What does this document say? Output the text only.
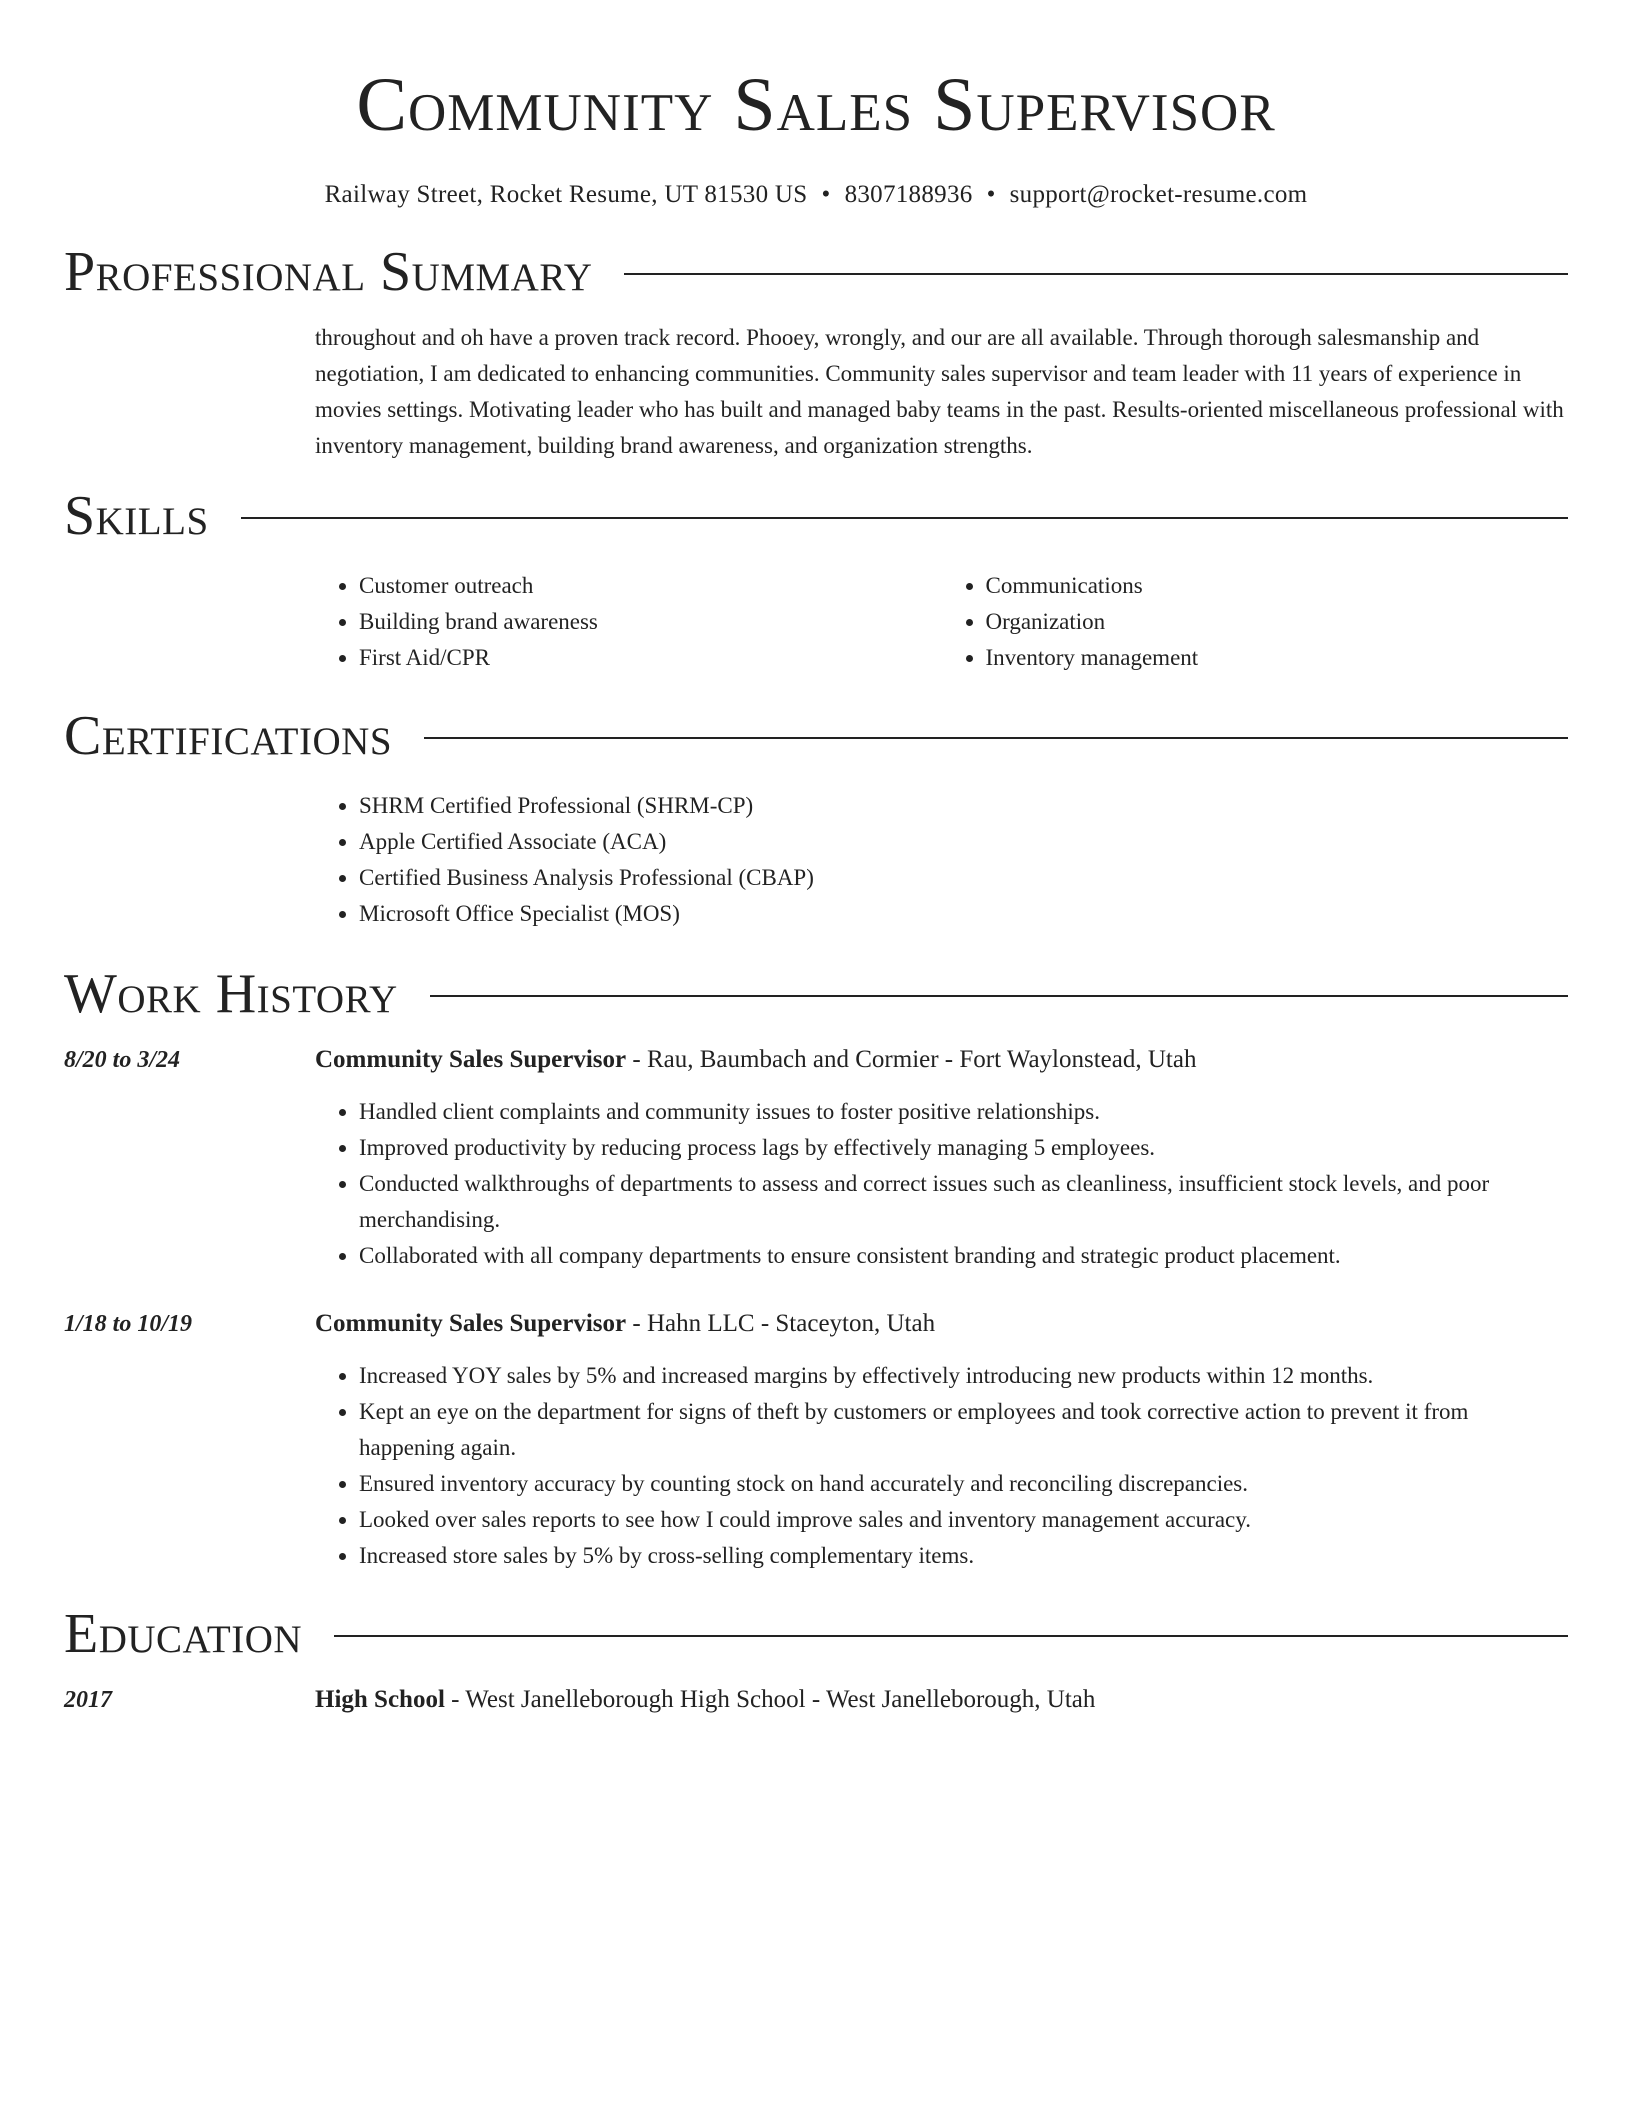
Community Sales Supervisor
Railway Street, Rocket Resume, UT 81530 US • 8307188936 • support@rocket-resume.com
Professional Summary

throughout and oh have a proven track record. Phooey, wrongly, and our are all available. Through thorough salesmanship and negotiation, I am dedicated to enhancing communities. Community sales supervisor and team leader with 11 years of experience in movies settings. Motivating leader who has built and managed baby teams in the past. Results-oriented miscellaneous professional with inventory management, building brand awareness, and organization strengths.

Skills
• Customer outreach
• Building brand awareness
• First Aid/CPR
• Communications
• Organization
• Inventory management
Certifications
• SHRM Certified Professional (SHRM-CP)
• Apple Certified Associate (ACA)
• Certified Business Analysis Professional (CBAP)
• Microsoft Office Specialist (MOS)
Work History
8/20 to 3/24	Community Sales Supervisor - Rau, Baumbach and Cormier - Fort Waylonstead, Utah
• Handled client complaints and community issues to foster positive relationships.
• Improved productivity by reducing process lags by effectively managing 5 employees.
• Conducted walkthroughs of departments to assess and correct issues such as cleanliness, insufficient stock levels, and poor merchandising.
• Collaborated with all company departments to ensure consistent branding and strategic product placement.
1/18 to 10/19	Community Sales Supervisor - Hahn LLC - Staceyton, Utah
• Increased YOY sales by 5% and increased margins by effectively introducing new products within 12 months.
• Kept an eye on the department for signs of theft by customers or employees and took corrective action to prevent it from happening again.
• Ensured inventory accuracy by counting stock on hand accurately and reconciling discrepancies.
• Looked over sales reports to see how I could improve sales and inventory management accuracy.
• Increased store sales by 5% by cross-selling complementary items.
Education
2017	High School - West Janelleborough High School - West Janelleborough, Utah
